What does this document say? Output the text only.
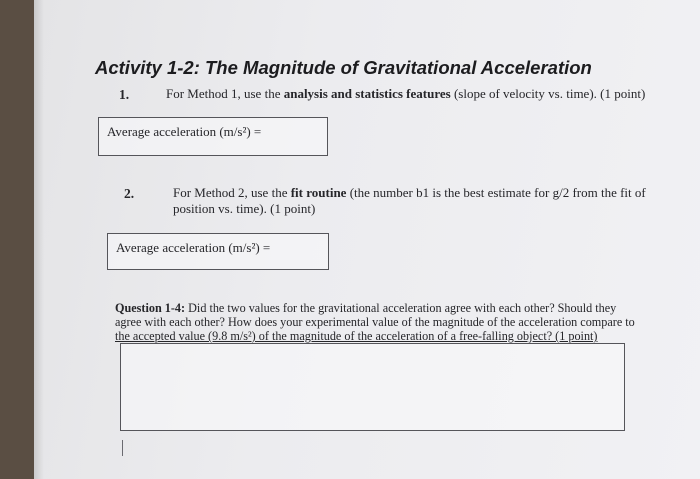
Activity 1-2: The Magnitude of Gravitational Acceleration
1.	For Method 1, use the analysis and statistics features (slope of velocity vs. time). (1 point)
Average acceleration (m/s²) =
2.	For Method 2, use the fit routine (the number b1 is the best estimate for g/2 from the fit of
position vs. time). (1 point)
Average acceleration (m/s²) =
Question 1-4: Did the two values for the gravitational acceleration agree with each other? Should they
agree with each other? How does your experimental value of the magnitude of the acceleration compare to
the accepted value (9.8 m/s²) of the magnitude of the acceleration of a free-falling object? (1 point)
